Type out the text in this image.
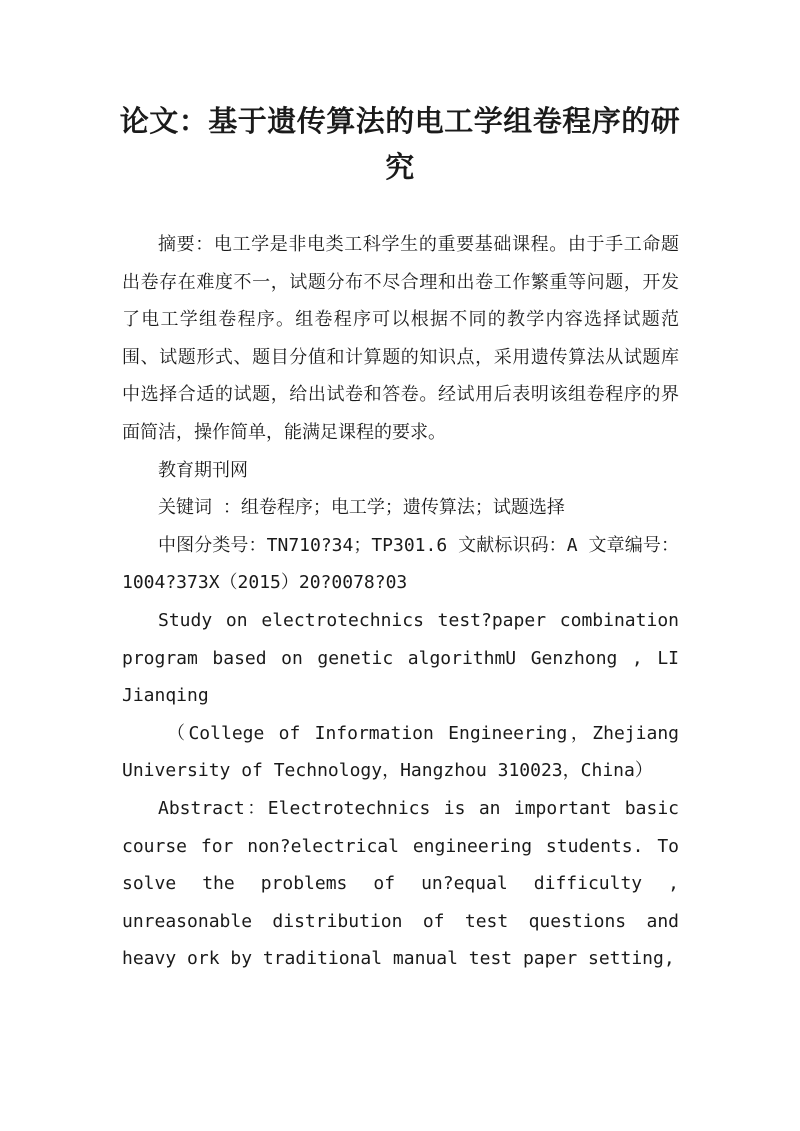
论文：基于遗传算法的电工学组卷程序的研究

摘要：电工学是非电类工科学生的重要基础课程。由于手工命题出卷存在难度不一，试题分布不尽合理和出卷工作繁重等问题，开发了电工学组卷程序。组卷程序可以根据不同的教学内容选择试题范围、试题形式、题目分值和计算题的知识点，采用遗传算法从试题库中选择合适的试题，给出试卷和答卷。经试用后表明该组卷程序的界面简洁，操作简单，能满足课程的要求。

教育期刊网

关键词 ：组卷程序；电工学；遗传算法；试题选择

中图分类号：TN710?34；TP301.6 文献标识码：A 文章编号：1004?373X（2015）20?0078?03

Study on electrotechnics test?paper combination program based on genetic algorithmU Genzhong , LI Jianqing

（College of Information Engineering，Zhejiang University of Technology，Hangzhou 310023，China）

Abstract：Electrotechnics is an important basic course for non?electrical engineering students. To solve the problems of un?equal difficulty , unreasonable distribution of test questions and heavy ork by traditional manual test paper setting,
